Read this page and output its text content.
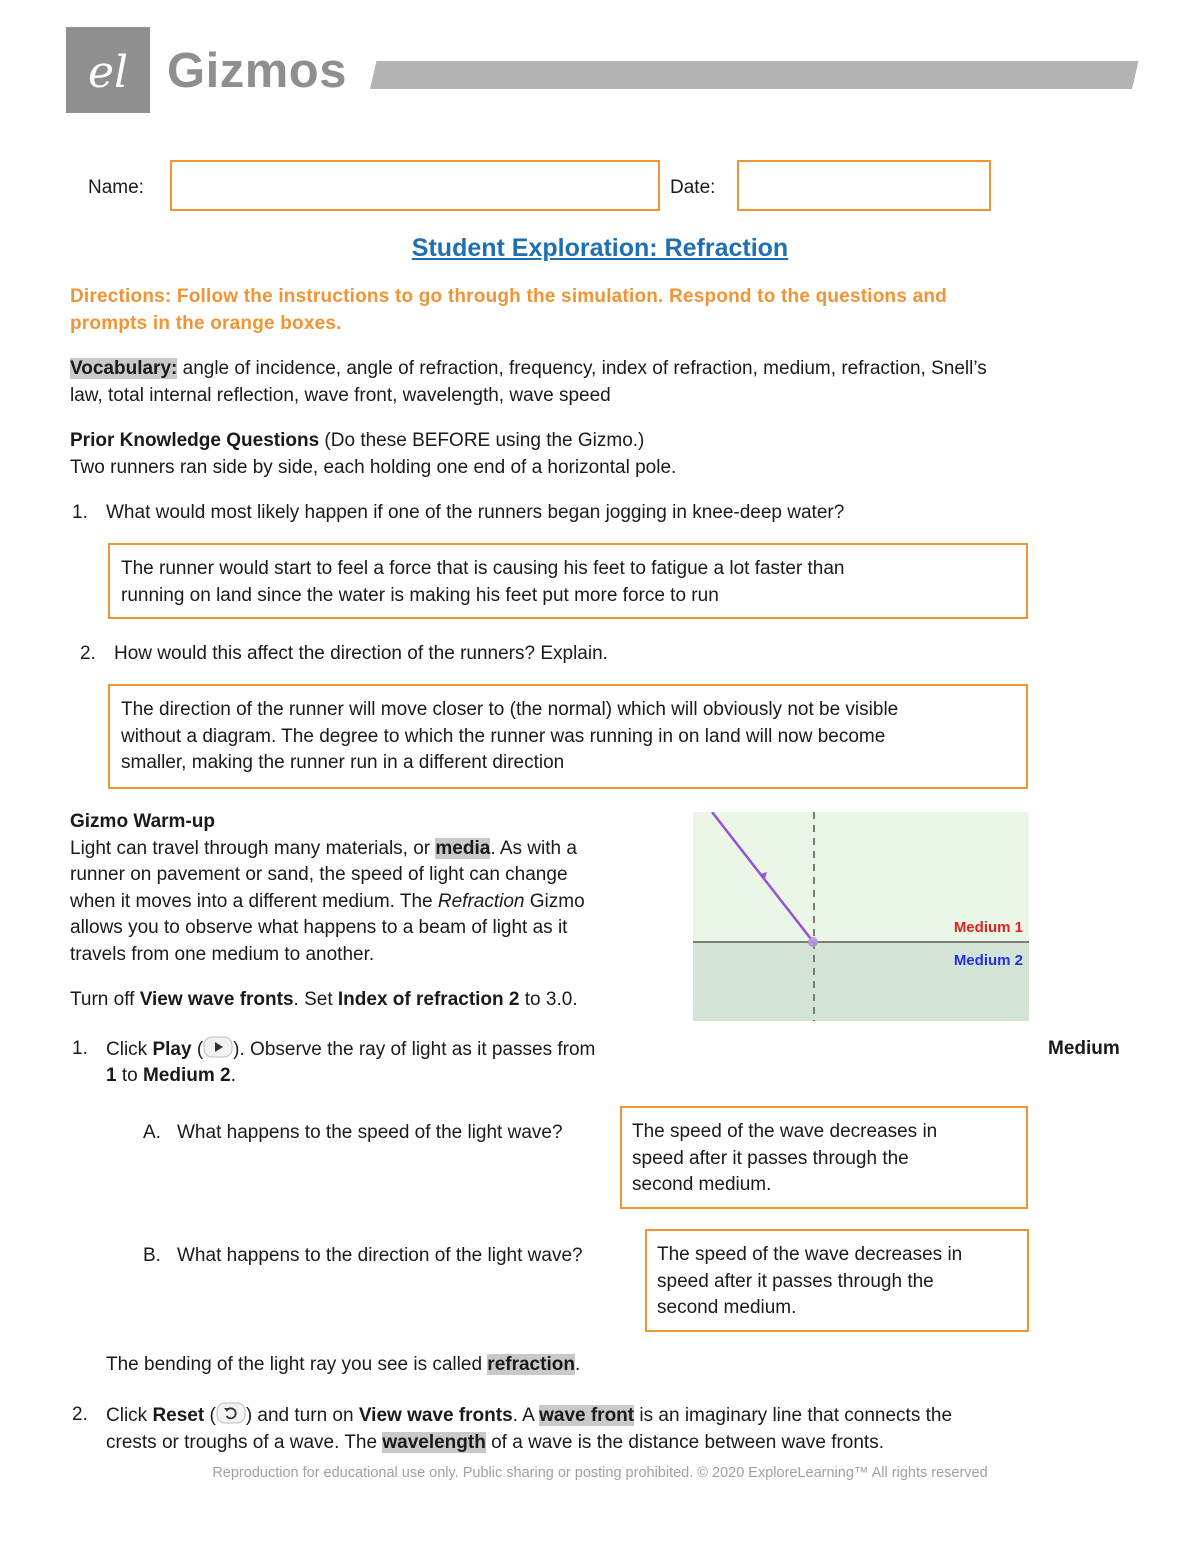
el Gizmos
Name:	Date:
Student Exploration: Refraction
Directions: Follow the instructions to go through the simulation. Respond to the questions and
prompts in the orange boxes.
Vocabulary: angle of incidence, angle of refraction, frequency, index of refraction, medium, refraction, Snell’s
law, total internal reflection, wave front, wavelength, wave speed
Prior Knowledge Questions (Do these BEFORE using the Gizmo.)
Two runners ran side by side, each holding one end of a horizontal pole.
1. What would most likely happen if one of the runners began jogging in knee-deep water?
The runner would start to feel a force that is causing his feet to fatigue a lot faster than
running on land since the water is making his feet put more force to run
2. How would this affect the direction of the runners? Explain.
The direction of the runner will move closer to (the normal) which will obviously not be visible
without a diagram. The degree to which the runner was running in on land will now become
smaller, making the runner run in a different direction
Gizmo Warm-up
Light can travel through many materials, or media. As with a
runner on pavement or sand, the speed of light can change
when it moves into a different medium. The Refraction Gizmo
allows you to observe what happens to a beam of light as it
travels from one medium to another.
Turn off View wave fronts. Set Index of refraction 2 to 3.0.
Medium 1
Medium 2
1. Click Play ( ). Observe the ray of light as it passes from	Medium
1 to Medium 2.
A. What happens to the speed of the light wave?	The speed of the wave decreases in
speed after it passes through the
second medium.
B. What happens to the direction of the light wave?	The speed of the wave decreases in
speed after it passes through the
second medium.
The bending of the light ray you see is called refraction.
2. Click Reset ( ) and turn on View wave fronts. A wave front is an imaginary line that connects the
crests or troughs of a wave. The wavelength of a wave is the distance between wave fronts.
Reproduction for educational use only. Public sharing or posting prohibited. © 2020 ExploreLearning™ All rights reserved
